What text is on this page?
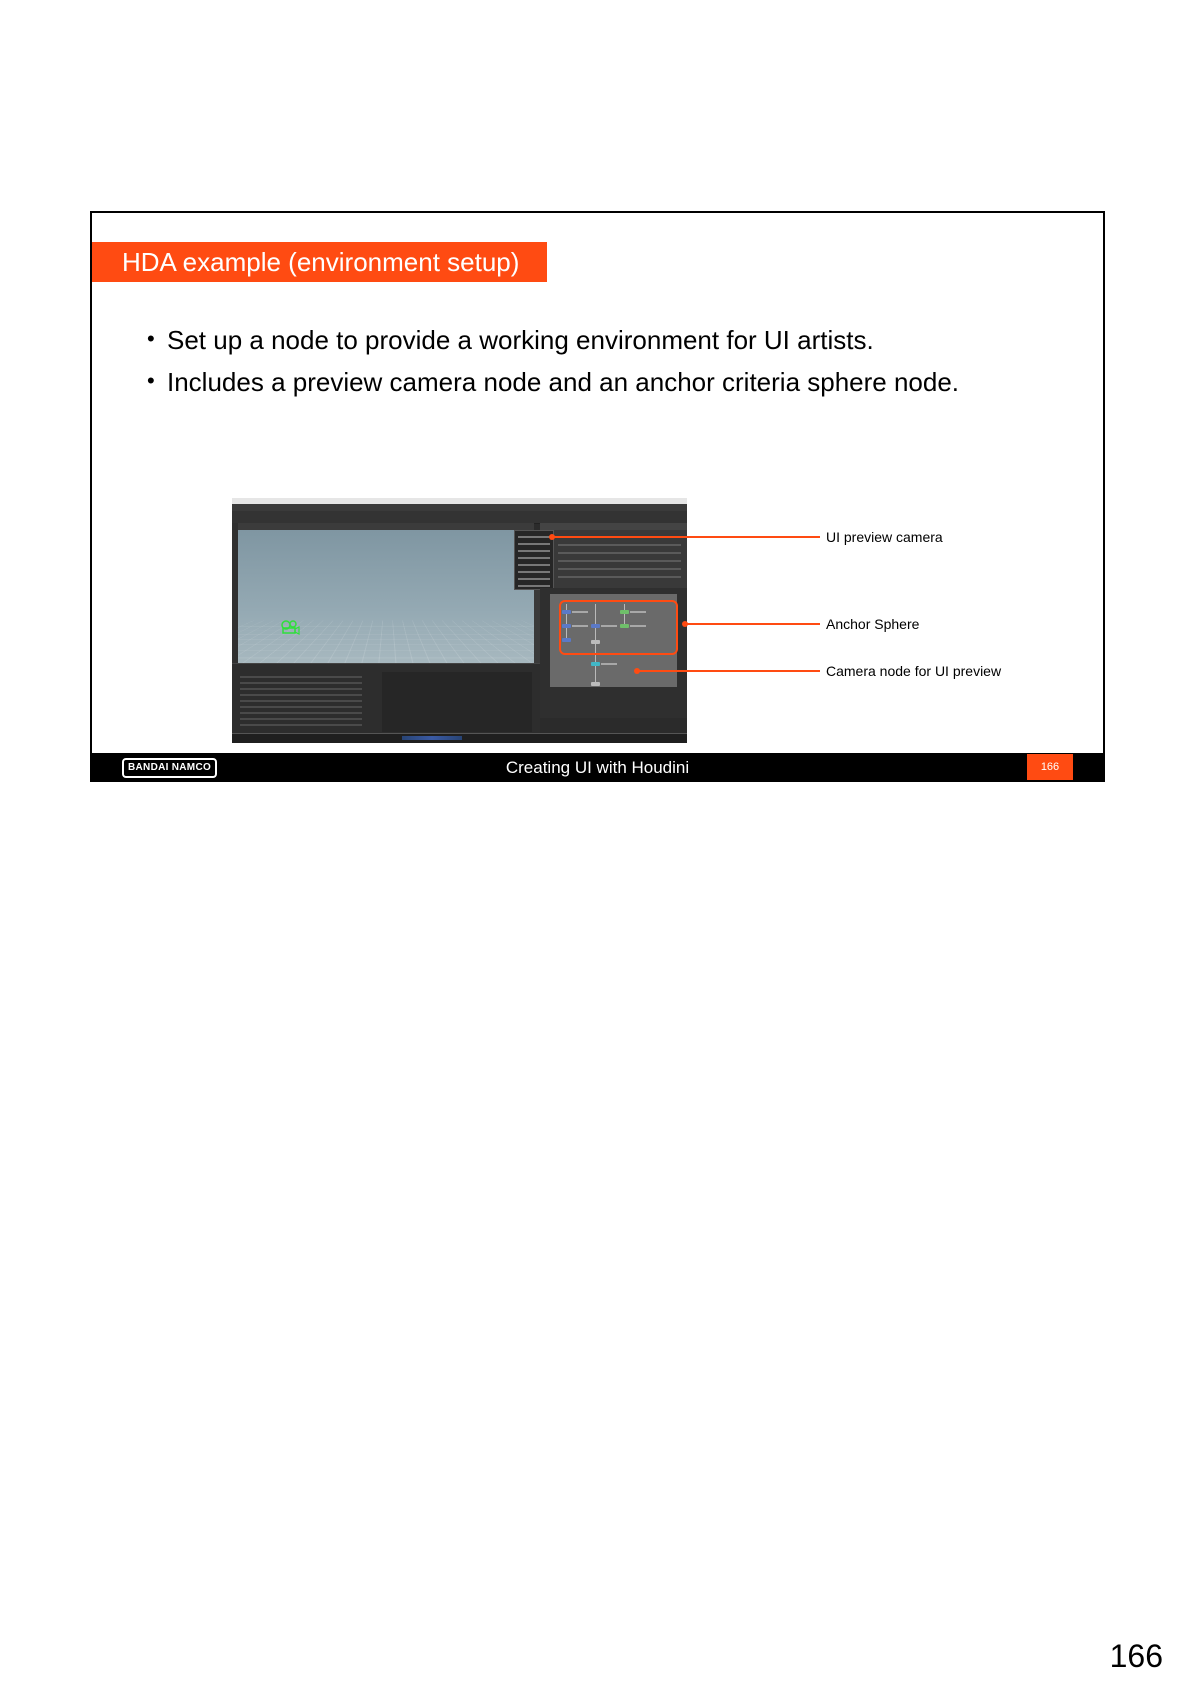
HDA example (environment setup)
• Set up a node to provide a working environment for UI artists.
• Includes a preview camera node and an anchor criteria sphere node.
UI preview camera
Anchor Sphere
Camera node for UI preview
BANDAI NAMCO	Creating UI with Houdini	166
166
